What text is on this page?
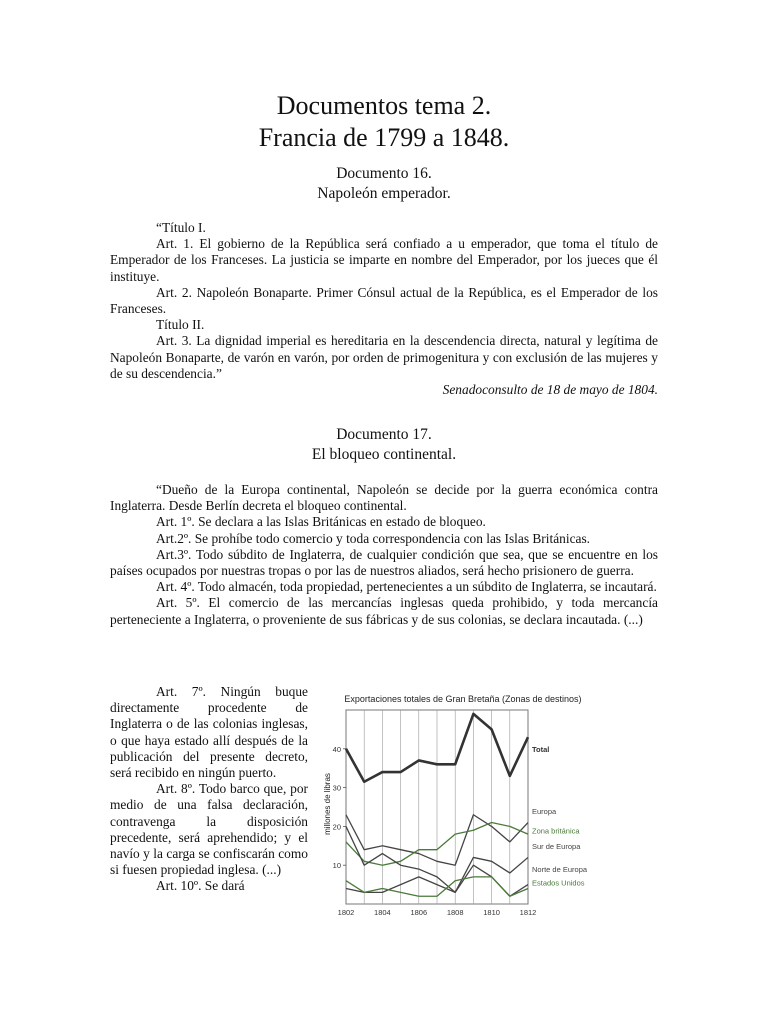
Documentos tema 2.
Francia de 1799 a 1848.
Documento 16.
Napoleón emperador.

“Título I.

Art. 1. El gobierno de la República será confiado a u emperador, que toma el título de Emperador de los Franceses. La justicia se imparte en nombre del Emperador, por los jueces que él instituye.

Art. 2. Napoleón Bonaparte. Primer Cónsul actual de la República, es el Emperador de los Franceses.

Título II.

Art. 3. La dignidad imperial es hereditaria en la descendencia directa, natural y legítima de Napoleón Bonaparte, de varón en varón, por orden de primogenitura y con exclusión de las mujeres y de su descendencia.”

Senadoconsulto de 18 de mayo de 1804.

Documento 17.
El bloqueo continental.

“Dueño de la Europa continental, Napoleón se decide por la guerra económica contra Inglaterra. Desde Berlín decreta el bloqueo continental.

Art. 1º. Se declara a las Islas Británicas en estado de bloqueo.

Art.2º. Se prohíbe todo comercio y toda correspondencia con las Islas Británicas.

Art.3º. Todo súbdito de Inglaterra, de cualquier condición que sea, que se encuentre en los países ocupados por nuestras tropas o por las de nuestros aliados, será hecho prisionero de guerra.

Art. 4º. Todo almacén, toda propiedad, pertenecientes a un súbdito de Inglaterra, se incautará.

Art. 5º. El comercio de las mercancías inglesas queda prohibido, y toda mercancía perteneciente a Inglaterra, o proveniente de sus fábricas y de sus colonias, se declara incautada. (...)

Art. 7º. Ningún buque directamente procedente de Inglaterra o de las colonias inglesas, o que haya estado allí después de la publicación del presente decreto, será recibido en ningún puerto.

Art. 8º. Todo barco que, por medio de una falsa declaración, contravenga la disposición precedente, será aprehendido; y el navío y la carga se confiscarán como si fuesen propiedad inglesa. (...)

Art. 10º. Se dará

Exportaciones totales de Gran Bretaña (Zonas de destinos)
millones de libras
10
20
30
40
1802	1804	1806	1808	1810	1812
Total
Europa
Zona británica
Sur de Europa
Norte de Europa
Estados Unidos
